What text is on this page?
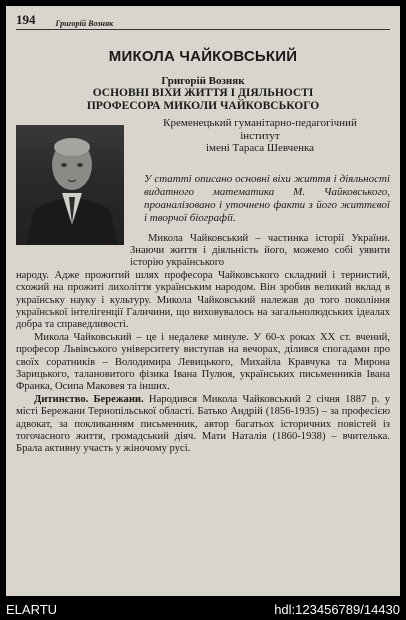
194	Григорій Возняк
МИКОЛА ЧАЙКОВСЬКИЙ
Григорій Возняк
ОСНОВНІ ВІХИ ЖИТТЯ І ДІЯЛЬНОСТІ
ПРОФЕСОРА МИКОЛИ ЧАЙКОВСЬКОГО
Кременецький гуманітарно-педагогічний
інститут
імені Тараса Шевченка
У статті описано основні віхи життя і діяльності видатного математика М. Чайковського, проаналізовано і уточнено факти з його життєвої і творчої біографії.

Микола Чайковський – частинка історії України. Знаючи життя і діяльність його, можемо собі уявити історію українського

народу. Адже прожитий шлях професора Чайковського складний і тернистий, схожий на прожиті лихоліття українським народом. Він зробив великий вклад в українську науку і культуру. Микола Чайковський належав до того покоління української інтелігенції Галичини, що виховувалось на загальнолюдських ідеалах добра та справедливості.

Микола Чайковський – це і недалеке минуле. У 60-х роках ХХ ст. вчений, професор Львівського університету виступав на вечорах, ділився спогадами про своїх соратників – Володимира Левицького, Михайла Кравчука та Мирона Зарицького, талановитого фізика Івана Пулюя, українських письменників Івана Франка, Осипа Маковея та інших.

Дитинство. Бережани. Народився Микола Чайковський 2 січня 1887 р. у місті Бережани Тернопільської області. Батько Андрій (1856-1935) – за професією адвокат, за покликанням письменник, автор багатьох історичних повістей із тогочасного життя, громадський діяч. Мати Наталія (1860-1938) – вчителька. Брала активну участь у жіночому русі.

ELARTU	hdl:123456789/14430
